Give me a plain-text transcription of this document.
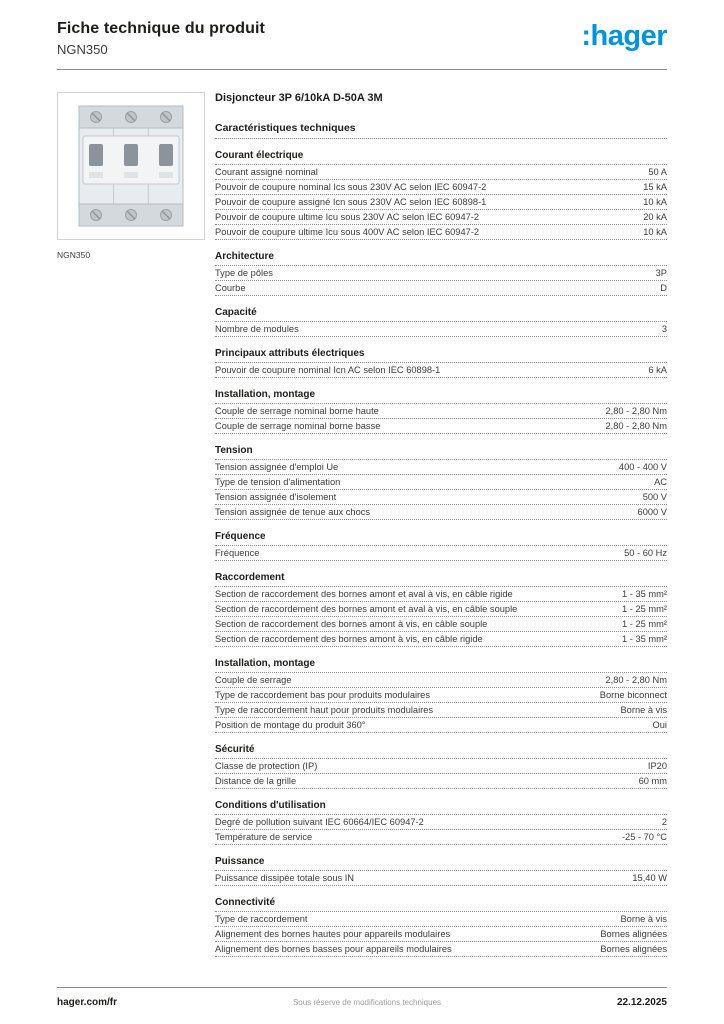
Fiche technique du produit
NGN350	:hager
NGN350
Disjoncteur 3P 6/10kA D-50A 3M
Caractéristiques techniques
Courant électrique
Courant assigné nominal	50 A
Pouvoir de coupure nominal Ics sous 230V AC selon IEC 60947-2	15 kA
Pouvoir de coupure assigné Icn sous 230V AC selon IEC 60898-1	10 kA
Pouvoir de coupure ultime Icu sous 230V AC selon IEC 60947-2	20 kA
Pouvoir de coupure ultime Icu sous 400V AC selon IEC 60947-2	10 kA
Architecture
Type de pôles	3P
Courbe	D
Capacité
Nombre de modules	3
Principaux attributs électriques
Pouvoir de coupure nominal Icn AC selon IEC 60898-1	6 kA
Installation, montage
Couple de serrage nominal borne haute	2,80 - 2,80 Nm
Couple de serrage nominal borne basse	2,80 - 2,80 Nm
Tension
Tension assignée d'emploi Ue	400 - 400 V
Type de tension d'alimentation	AC
Tension assignée d'isolement	500 V
Tension assignée de tenue aux chocs	6000 V
Fréquence
Fréquence	50 - 60 Hz
Raccordement
Section de raccordement des bornes amont et aval à vis, en câble rigide	1 - 35 mm²
Section de raccordement des bornes amont et aval à vis, en câble souple	1 - 25 mm²
Section de raccordement des bornes amont à vis, en câble souple	1 - 25 mm²
Section de raccordement des bornes amont à vis, en câble rigide	1 - 35 mm²
Installation, montage
Couple de serrage	2,80 - 2,80 Nm
Type de raccordement bas pour produits modulaires	Borne biconnect
Type de raccordement haut pour produits modulaires	Borne à vis
Position de montage du produit 360°	Oui
Sécurité
Classe de protection (IP)	IP20
Distance de la grille	60 mm
Conditions d'utilisation
Degré de pollution suivant IEC 60664/IEC 60947-2	2
Température de service	-25 - 70 °C
Puissance
Puissance dissipée totale sous IN	15,40 W
Connectivité
Type de raccordement	Borne à vis
Alignement des bornes hautes pour appareils modulaires	Bornes alignées
Alignement des bornes basses pour appareils modulaires	Bornes alignées
hager.com/fr	Sous réserve de modifications techniques	22.12.2025
